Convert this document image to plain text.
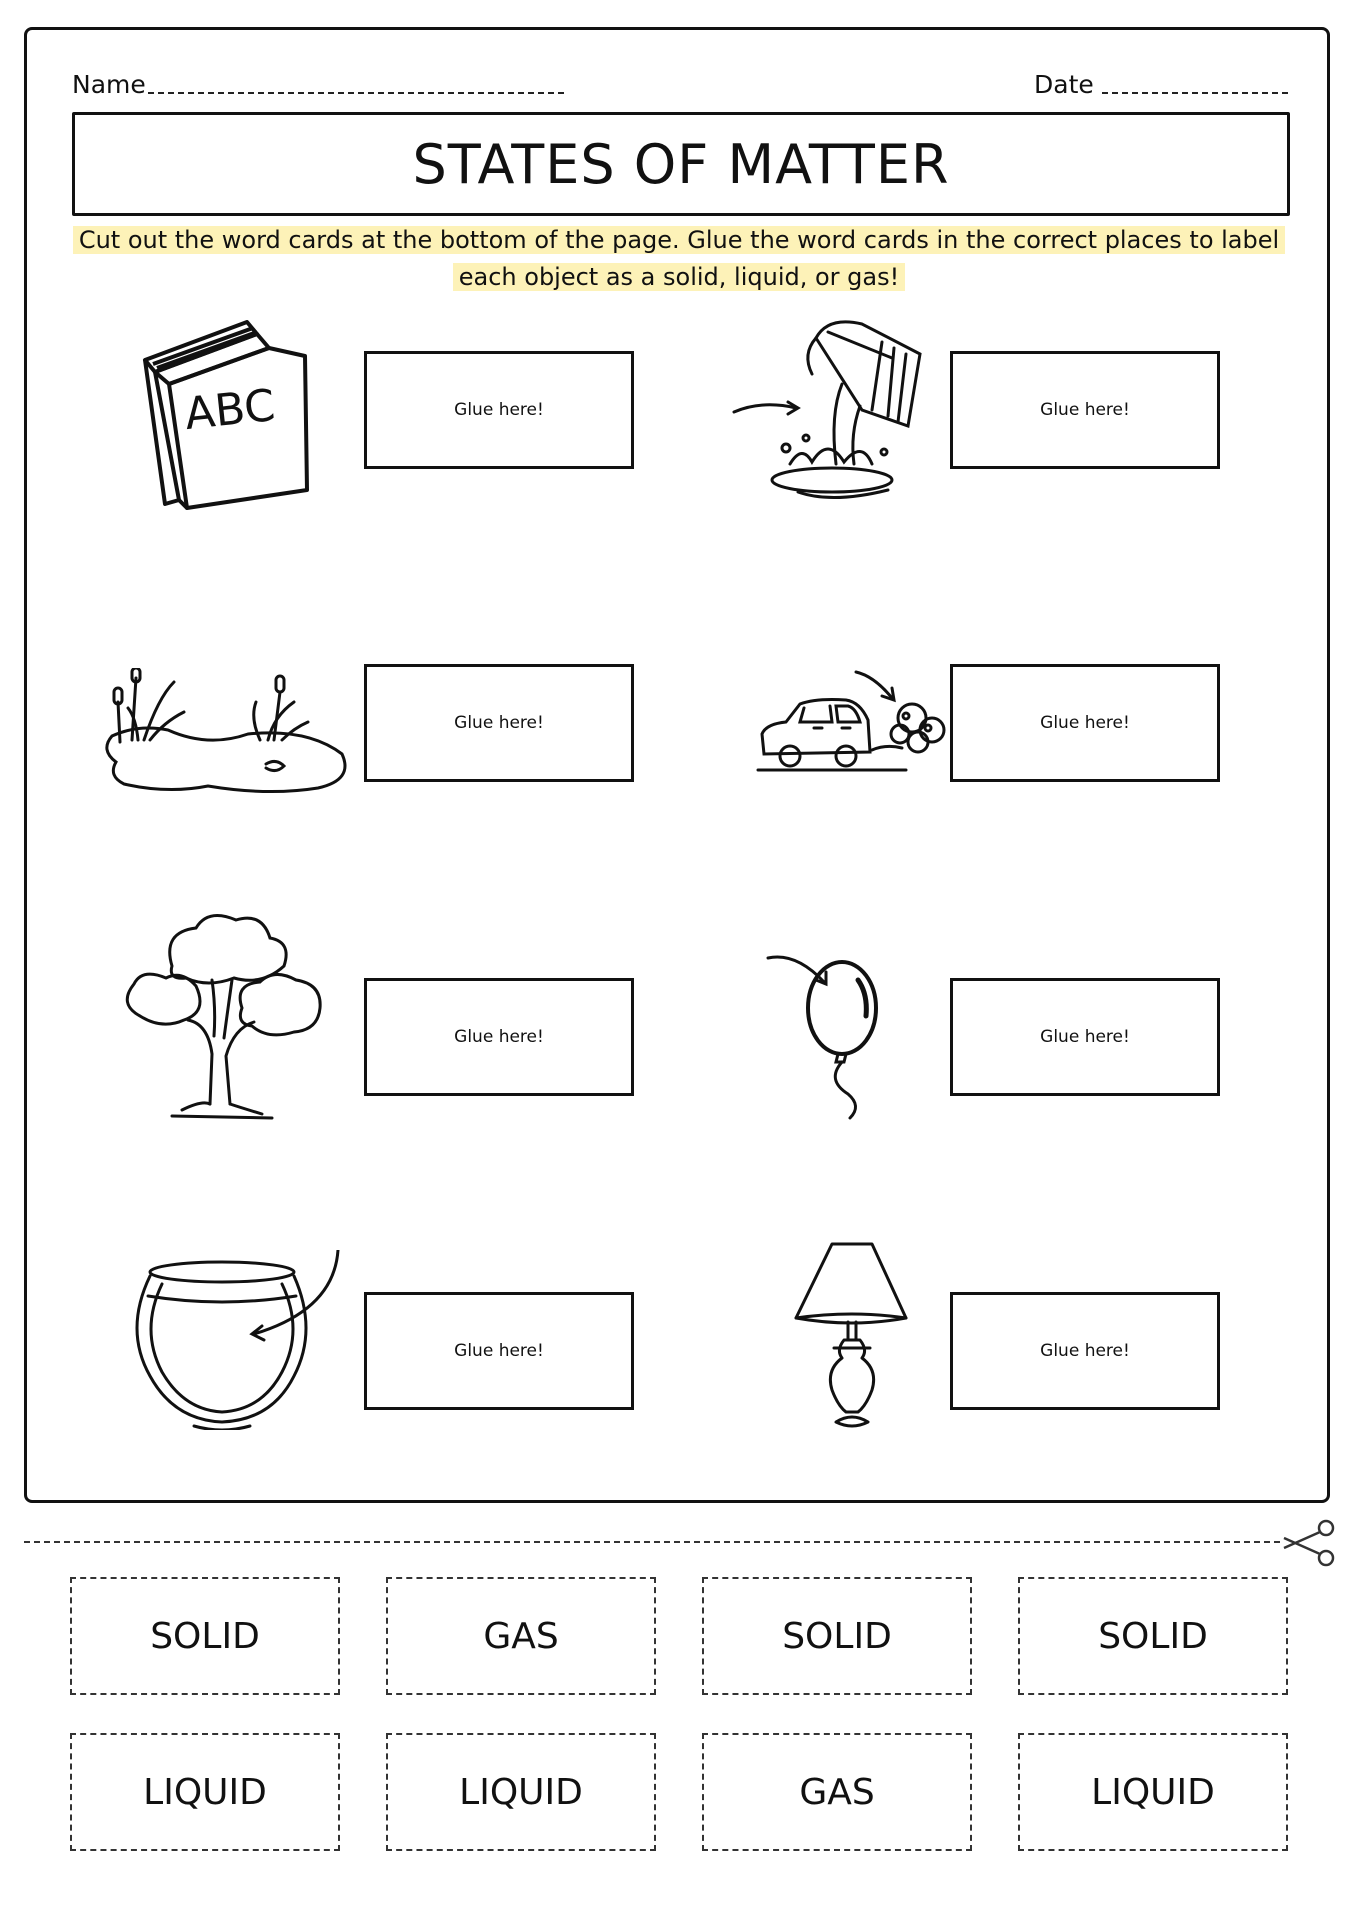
Name	Date
STATES OF MATTER
Cut out the word cards at the bottom of the page. Glue the word cards in the correct places to label each object as a solid, liquid, or gas!
ABC	Glue here!	Glue here!
Glue here!	Glue here!
Glue here!	Glue here!
Glue here!	Glue here!
SOLID	GAS	SOLID	SOLID
LIQUID	LIQUID	GAS	LIQUID
